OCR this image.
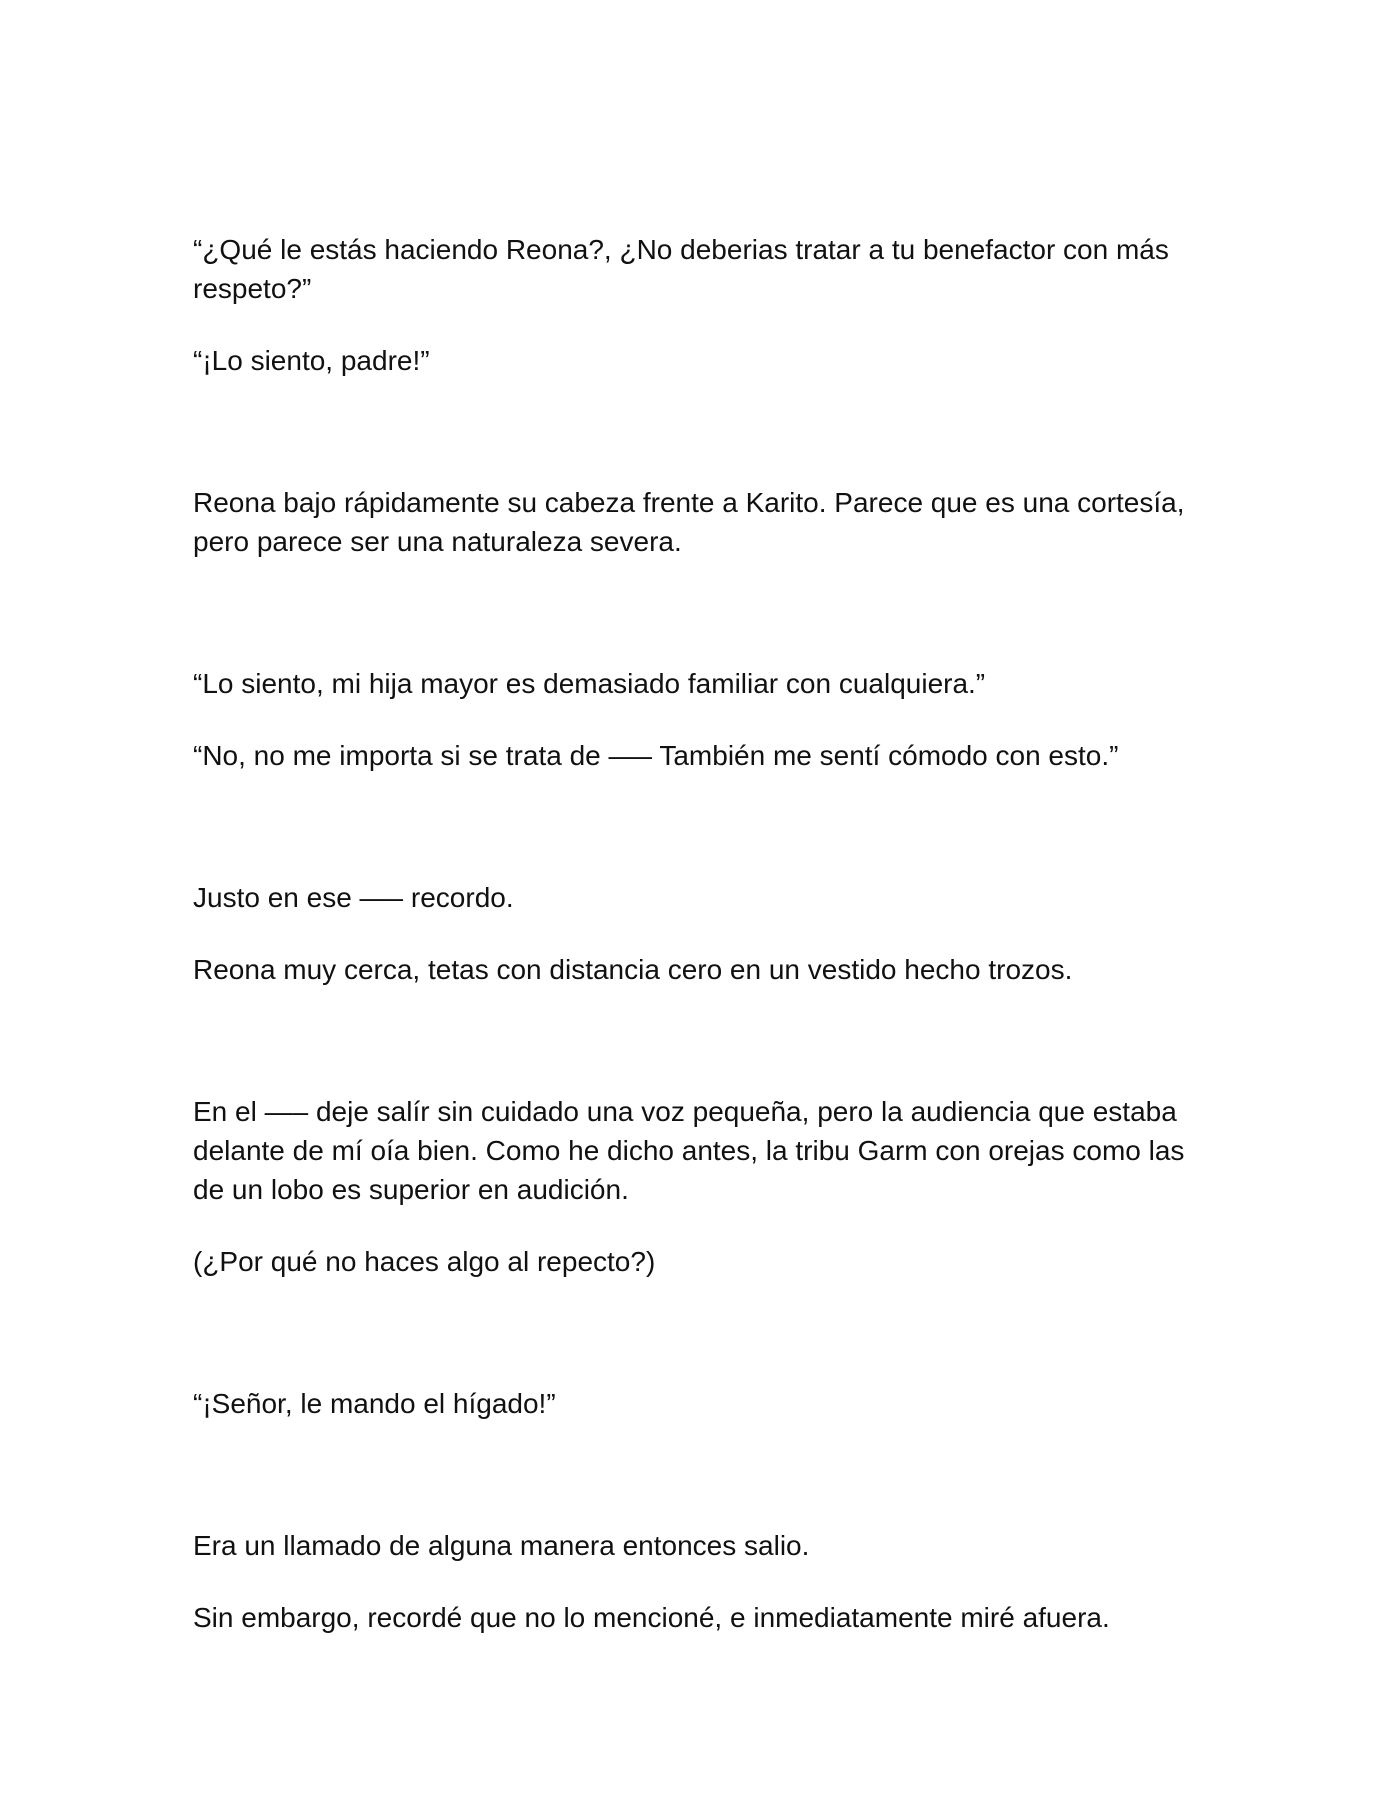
“¿Qué le estás haciendo Reona?, ¿No deberias tratar a tu benefactor con más respeto?”

“¡Lo siento, padre!”

Reona bajo rápidamente su cabeza frente a Karito. Parece que es una cortesía, pero parece ser una naturaleza severa.

“Lo siento, mi hija mayor es demasiado familiar con cualquiera.”

“No, no me importa si se trata de —– También me sentí cómodo con esto.”

Justo en ese —– recordo.

Reona muy cerca, tetas con distancia cero en un vestido hecho trozos.

En el —– deje salír sin cuidado una voz pequeña, pero la audiencia que estaba delante de mí oía bien. Como he dicho antes, la tribu Garm con orejas como las de un lobo es superior en audición.

(¿Por qué no haces algo al repecto?)

“¡Señor, le mando el hígado!”

Era un llamado de alguna manera entonces salio.

Sin embargo, recordé que no lo mencioné, e inmediatamente miré afuera.
